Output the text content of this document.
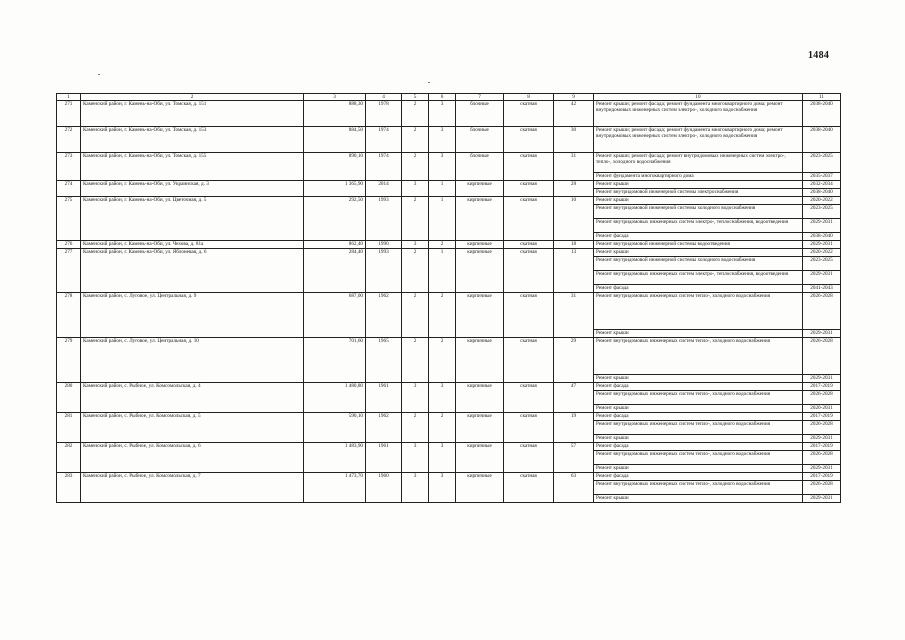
1484
1	2	3	4	5	6	7	8	9	10	11
271	Каменский район, г. Камень-на-Оби, ул. Томская, д. 151	888,30	1978	2	3	блочные	скатная	42	Ремонт крыши; ремонт фасада; ремонт фундамента многоквартирного дома; ремонт внутридомовых инженерных систем электро-, холодного водоснабжения	2038-2040
272	Каменский район, г. Камень-на-Оби, ул. Томская, д. 153	884,50	1974	2	3	блочные	скатная	30	Ремонт крыши; ремонт фасада; ремонт фундамента многоквартирного дома; ремонт внутридомовых инженерных систем электро-, холодного водоснабжения	2038-2040
273	Каменский район, г. Камень-на-Оби, ул. Томская, д. 155	890,10	1974	2	3	блочные	скатная	31	Ремонт крыши; ремонт фасада; ремонт внутридомовых инженерных систем электро-, тепло-, холодного водоснабжения	2023-2025
									Ремонт фундамента многоквартирного дома	2035-2037
274	Каменский район, г. Камень-на-Оби, ул. Украинская, д. 3	1 365,90	2014	3	1	кирпичные	скатная	28	Ремонт крыши	2032-2034
									Ремонт внутридомовой инженерной системы электроснабжения	2038-2040
275	Каменский район, г. Камень-на-Оби, ул. Цветочная, д. 5	292,50	1993	2	1	кирпичные	скатная	10	Ремонт крыши	2020-2022
									Ремонт внутридомовой инженерной системы холодного водоснабжения	2023-2025
									Ремонт внутридомовых инженерных систем электро-, теплоснабжения, водоотведения	2029-2031
									Ремонт фасада	2038-2040
276	Каменский район, г. Камень-на-Оби, ул. Чехова, д. 81а	862,40	1990	3	2	кирпичные	скатная	18	Ремонт внутридомовой инженерной системы водоотведения	2029-2031
277	Каменский район, г. Камень-на-Оби, ул. Яблоневая, д. 6	284,40	1993	2	1	кирпичные	скатная	13	Ремонт крыши	2020-2022
									Ремонт внутридомовой инженерной системы холодного водоснабжения	2023-2025
									Ремонт внутридомовых инженерных систем электро-, теплоснабжения, водоотведения	2029-2031
									Ремонт фасада	2041-2043
278	Каменский район, с. Луговое, ул. Центральная, д. 9	687,00	1962	2	2	кирпичные	скатная	31	Ремонт внутридомовых инженерных систем тепло-, холодного водоснабжения	2026-2028
									Ремонт крыши	2029-2031
279	Каменский район, с. Луговое, ул. Центральная, д. 10	701,60	1965	2	2	кирпичные	скатная	29	Ремонт внутридомовых инженерных систем тепло-, холодного водоснабжения	2026-2028
									Ремонт крыши	2029-2031
280	Каменский район, с. Рыбное, ул. Комсомольская, д. 4	1 480,80	1961	3	3	кирпичные	скатная	47	Ремонт фасада	2017-2019
									Ремонт внутридомовых инженерных систем тепло-, холодного водоснабжения	2026-2028
									Ремонт крыши	2020-2031
281	Каменский район, с. Рыбное, ул. Комсомольская, д. 5	590,10	1962	2	2	кирпичные	скатная	19	Ремонт фасада	2017-2019
									Ремонт внутридомовых инженерных систем тепло-, холодного водоснабжения	2026-2028
									Ремонт крыши	2029-2031
282	Каменский район, с. Рыбное, ул. Комсомольская, д. 6	1 483,90	1961	3	3	кирпичные	скатная	57	Ремонт фасада	2017-2019
									Ремонт внутридомовых инженерных систем тепло-, холодного водоснабжения	2026-2028
									Ремонт крыши	2029-2031
283	Каменский район, с. Рыбное, ул. Комсомольская, д. 7	1 473,70	1960	3	3	кирпичные	скатная	63	Ремонт фасада	2017-2019
									Ремонт внутридомовых инженерных систем тепло-, холодного водоснабжения	2026-2028
									Ремонт крыши	2029-2031
